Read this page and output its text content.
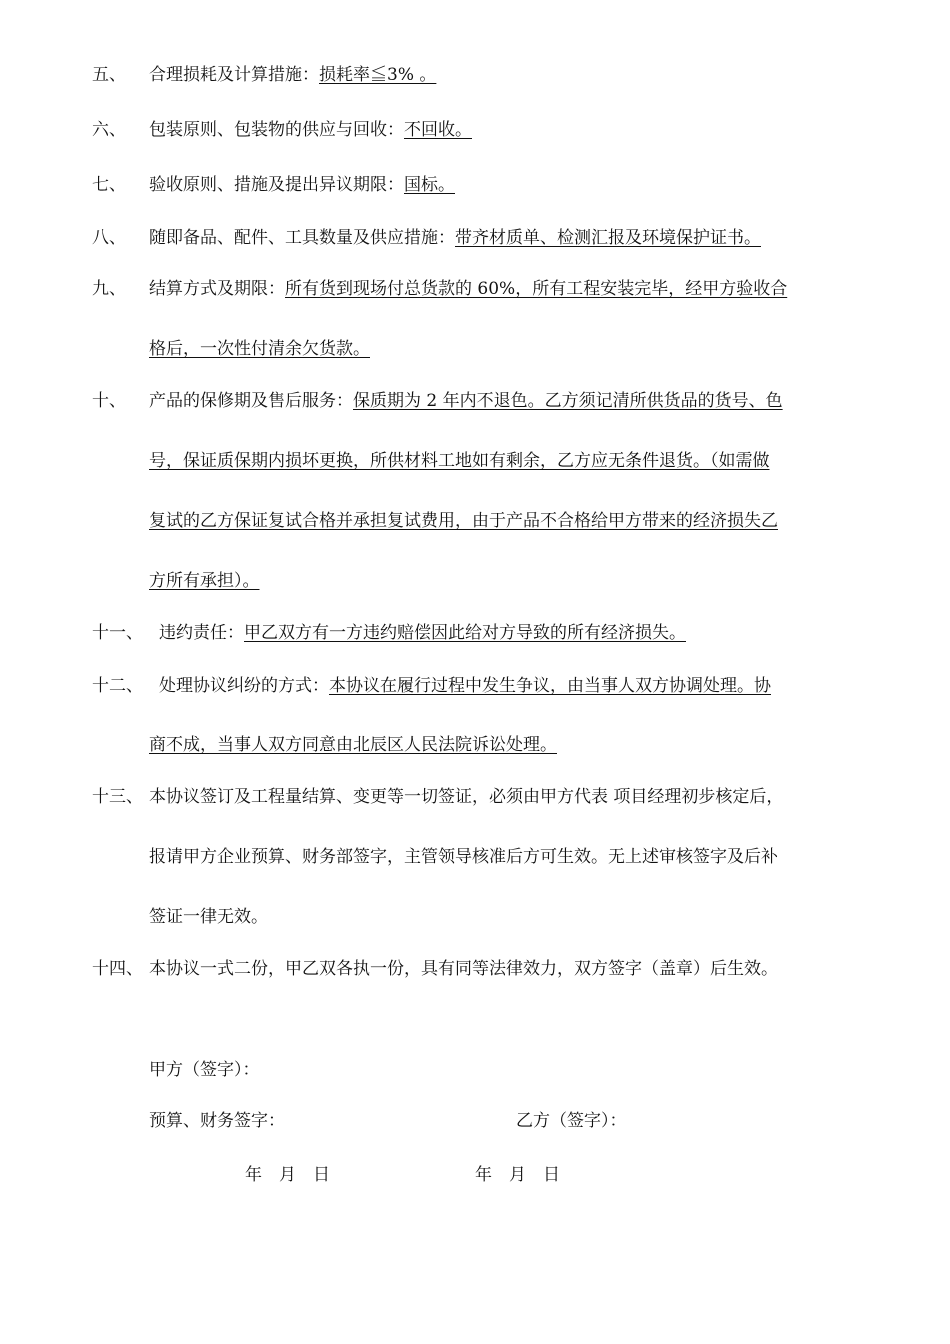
五、 合理损耗及计算措施：损耗率≦3% 。
六、 包装原则、包装物的供应与回收：不回收。
七、 验收原则、措施及提出异议期限：国标。
八、 随即备品、配件、工具数量及供应措施：带齐材质单、检测汇报及环境保护证书。
九、 结算方式及期限：所有货到现场付总货款的 60%，所有工程安装完毕，经甲方验收合
格后，一次性付清余欠货款。
十、 产品的保修期及售后服务：保质期为 2 年内不退色。乙方须记清所供货品的货号、色
号，保证质保期内损坏更换，所供材料工地如有剩余，乙方应无条件退货。（如需做
复试的乙方保证复试合格并承担复试费用，由于产品不合格给甲方带来的经济损失乙
方所有承担）。
十一、 违约责任：甲乙双方有一方违约赔偿因此给对方导致的所有经济损失。
十二、 处理协议纠纷的方式：本协议在履行过程中发生争议，由当事人双方协调处理。协
商不成，当事人双方同意由北辰区人民法院诉讼处理。
十三、 本协议签订及工程量结算、变更等一切签证，必须由甲方代表 项目经理初步核定后，
报请甲方企业预算、财务部签字，主管领导核准后方可生效。无上述审核签字及后补
签证一律无效。
十四、 本协议一式二份，甲乙双各执一份，具有同等法律效力，双方签字（盖章）后生效。
甲方（签字）：
预算、财务签字：	乙方（签字）：
年　月　日	年　月　日
